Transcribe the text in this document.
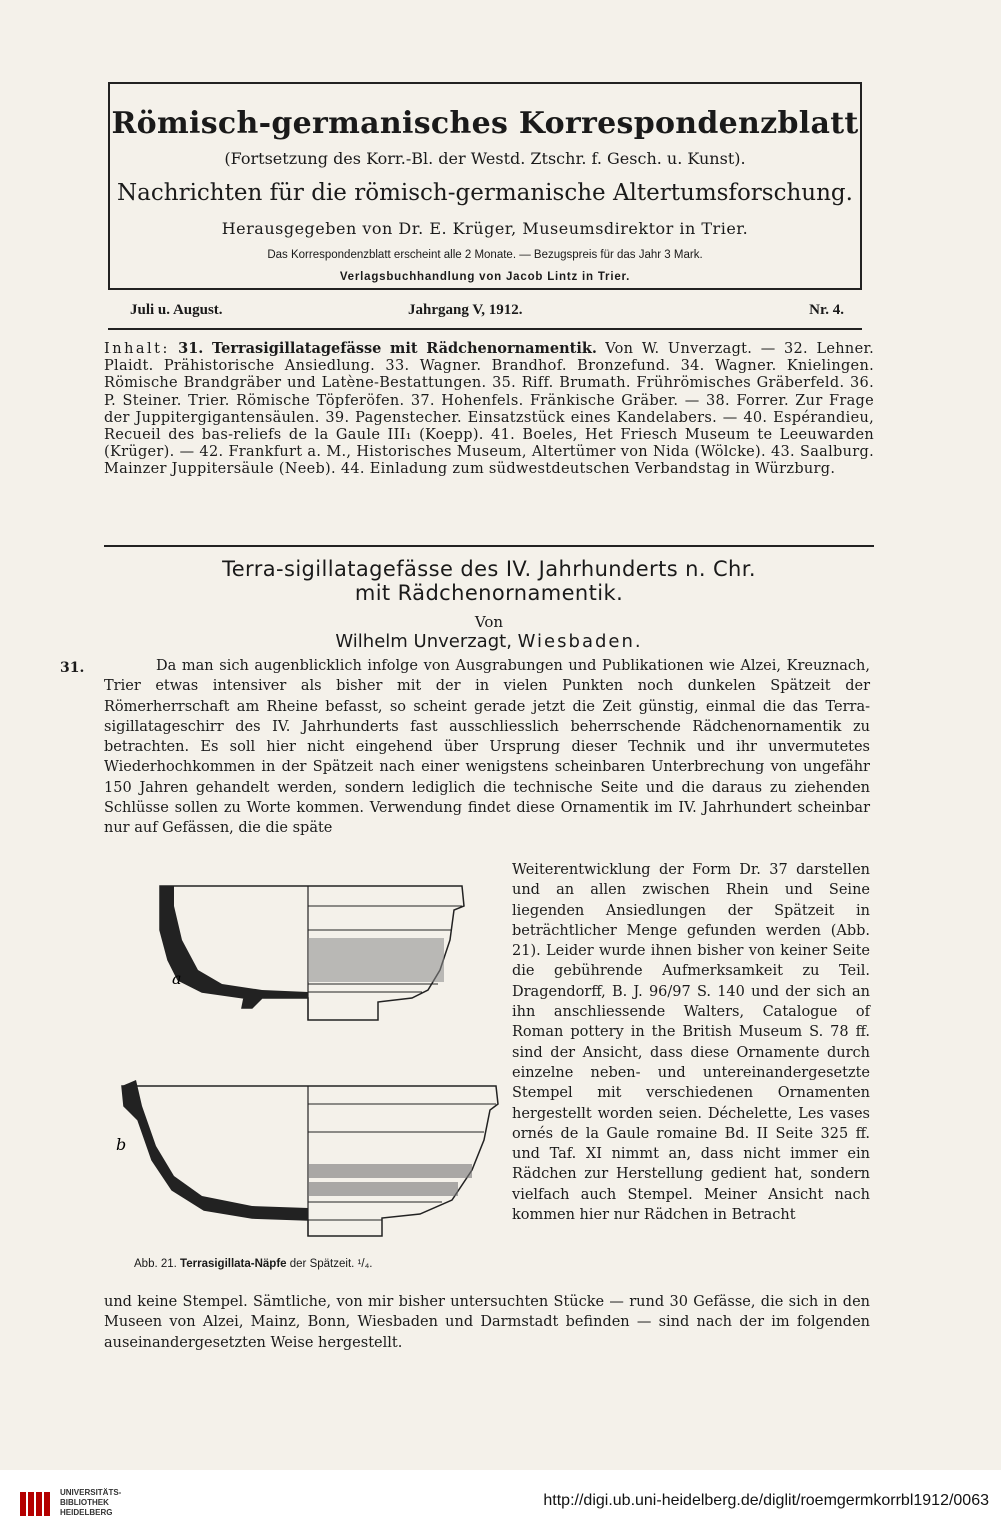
Römisch-germanisches Korrespondenzblatt
(Fortsetzung des Korr.-Bl. der Westd. Ztschr. f. Gesch. u. Kunst).
Nachrichten für die römisch-germanische Altertumsforschung.
Herausgegeben von Dr. E. Krüger, Museumsdirektor in Trier.
Das Korrespondenzblatt erscheint alle 2 Monate. — Bezugspreis für das Jahr 3 Mark.
Verlagsbuchhandlung von Jacob Lintz in Trier.
Juli u. August.	Jahrgang V, 1912.	Nr. 4.
Inhalt: 31. Terrasigillatagefässe mit Rädchenornamentik. Von W. Unverzagt. — 32. Lehner. Plaidt. Prähistorische Ansiedlung. 33. Wagner. Brandhof. Bronzefund. 34. Wagner. Knielingen. Römische Brandgräber und Latène-Bestattungen. 35. Riff. Brumath. Frührömisches Gräberfeld. 36. P. Steiner. Trier. Römische Töpferöfen. 37. Hohenfels. Fränkische Gräber. — 38. Forrer. Zur Frage der Juppitergigantensäulen. 39. Pagenstecher. Einsatzstück eines Kandelabers. — 40. Espérandieu, Recueil des bas-reliefs de la Gaule III₁ (Koepp). 41. Boeles, Het Friesch Museum te Leeuwarden (Krüger). — 42. Frankfurt a. M., Historisches Museum, Altertümer von Nida (Wölcke). 43. Saalburg. Mainzer Juppitersäule (Neeb). 44. Einladung zum südwestdeutschen Verbandstag in Würzburg.
Terra-sigillatagefässe des IV. Jahrhunderts n. Chr.
mit Rädchenornamentik.
Von
Wilhelm Unverzagt, Wiesbaden.
31.	Da man sich augenblicklich infolge von Ausgrabungen und Publikationen wie Alzei, Kreuznach, Trier etwas intensiver als bisher mit der in vielen Punkten noch dunkelen Spätzeit der Römerherrschaft am Rheine befasst, so scheint gerade jetzt die Zeit günstig, einmal die das Terra-sigillatageschirr des IV. Jahrhunderts fast ausschliesslich beherrschende Rädchenornamentik zu betrachten. Es soll hier nicht eingehend über Ursprung dieser Technik und ihr unvermutetes Wiederhochkommen in der Spätzeit nach einer wenigstens scheinbaren Unterbrechung von ungefähr 150 Jahren gehandelt werden, sondern lediglich die technische Seite und die daraus zu ziehenden Schlüsse sollen zu Worte kommen. Verwendung findet diese Ornamentik im IV. Jahrhundert scheinbar nur auf Gefässen, die die späte

Weiterentwicklung der Form Dr. 37 darstellen und an allen zwischen Rhein und Seine liegenden Ansiedlungen der Spätzeit in beträchtlicher Menge gefunden werden (Abb. 21). Leider wurde ihnen bisher von keiner Seite die gebührende Aufmerksamkeit zu Teil. Dragendorff, B. J. 96/97 S. 140 und der sich an ihn anschliessende Walters, Catalogue of Roman pottery in the British Museum S. 78 ff. sind der Ansicht, dass diese Ornamente durch einzelne neben- und untereinandergesetzte Stempel mit verschiedenen Ornamenten hergestellt worden seien. Déchelette, Les vases ornés de la Gaule romaine Bd. II Seite 325 ff. und Taf. XI nimmt an, dass nicht immer ein Rädchen zur Herstellung gedient hat, sondern vielfach auch Stempel. Meiner Ansicht nach kommen hier nur Rädchen in Betracht

und keine Stempel. Sämtliche, von mir bisher untersuchten Stücke — rund 30 Gefässe, die sich in den Museen von Alzei, Mainz, Bonn, Wiesbaden und Darmstadt befinden — sind nach der im folgenden auseinandergesetzten Weise hergestellt.

a
b
Abb. 21. Terrasigillata-Näpfe der Spätzeit. ¹/₄.
UNIVERSITÄTS-
BIBLIOTHEK
HEIDELBERG
http://digi.ub.uni-heidelberg.de/diglit/roemgermkorrbl1912/0063
